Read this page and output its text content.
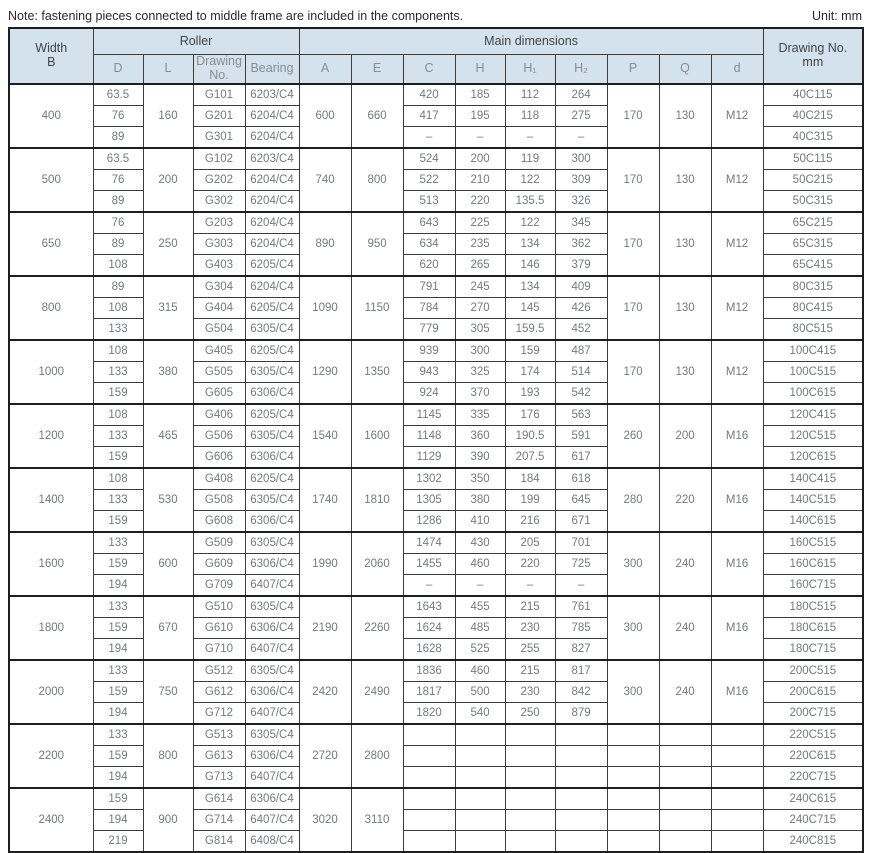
Note: fastening pieces connected to middle frame are included in the components.	Unit: mm
Width
B	Roller				Main dimensions									Drawing No.
mm
	D	L	Drawing No.	Bearing	A	E	C	H	H₁	H₂	P	Q	d	
400	63.5	160	G101	6203/C4	600	660	420	185	112	264	170	130	M12	40C115
	76		G201	6204/C4			417	195	118	275				40C215
	89		G301	6204/C4			–	–	–	–				40C315
500	63.5	200	G102	6203/C4	740	800	524	200	119	300	170	130	M12	50C115
	76		G202	6204/C4			522	210	122	309				50C215
	89		G302	6204/C4			513	220	135.5	326				50C315
650	76	250	G203	6204/C4	890	950	643	225	122	345	170	130	M12	65C215
	89		G303	6204/C4			634	235	134	362				65C315
	108		G403	6205/C4			620	265	146	379				65C415
800	89	315	G304	6204/C4	1090	1150	791	245	134	409	170	130	M12	80C315
	108		G404	6205/C4			784	270	145	426				80C415
	133		G504	6305/C4			779	305	159.5	452				80C515
1000	108	380	G405	6205/C4	1290	1350	939	300	159	487	170	130	M12	100C415
	133		G505	6305/C4			943	325	174	514				100C515
	159		G605	6306/C4			924	370	193	542				100C615
1200	108	465	G406	6205/C4	1540	1600	1145	335	176	563	260	200	M16	120C415
	133		G506	6305/C4			1148	360	190.5	591				120C515
	159		G606	6306/C4			1129	390	207.5	617				120C615
1400	108	530	G408	6205/C4	1740	1810	1302	350	184	618	280	220	M16	140C415
	133		G508	6305/C4			1305	380	199	645				140C515
	159		G608	6306/C4			1286	410	216	671				140C615
1600	133	600	G509	6305/C4	1990	2060	1474	430	205	701	300	240	M16	160C515
	159		G609	6306/C4			1455	460	220	725				160C615
	194		G709	6407/C4			–	–	–	–				160C715
1800	133	670	G510	6305/C4	2190	2260	1643	455	215	761	300	240	M16	180C515
	159		G610	6306/C4			1624	485	230	785				180C615
	194		G710	6407/C4			1628	525	255	827				180C715
2000	133	750	G512	6305/C4	2420	2490	1836	460	215	817	300	240	M16	200C515
	159		G612	6306/C4			1817	500	230	842				200C615
	194		G712	6407/C4			1820	540	250	879				200C715
2200	133	800	G513	6305/C4	2720	2800								220C515
	159		G613	6306/C4										220C615
	194		G713	6407/C4										220C715
2400	159	900	G614	6306/C4	3020	3110								240C615
	194		G714	6407/C4										240C715
	219		G814	6408/C4										240C815
